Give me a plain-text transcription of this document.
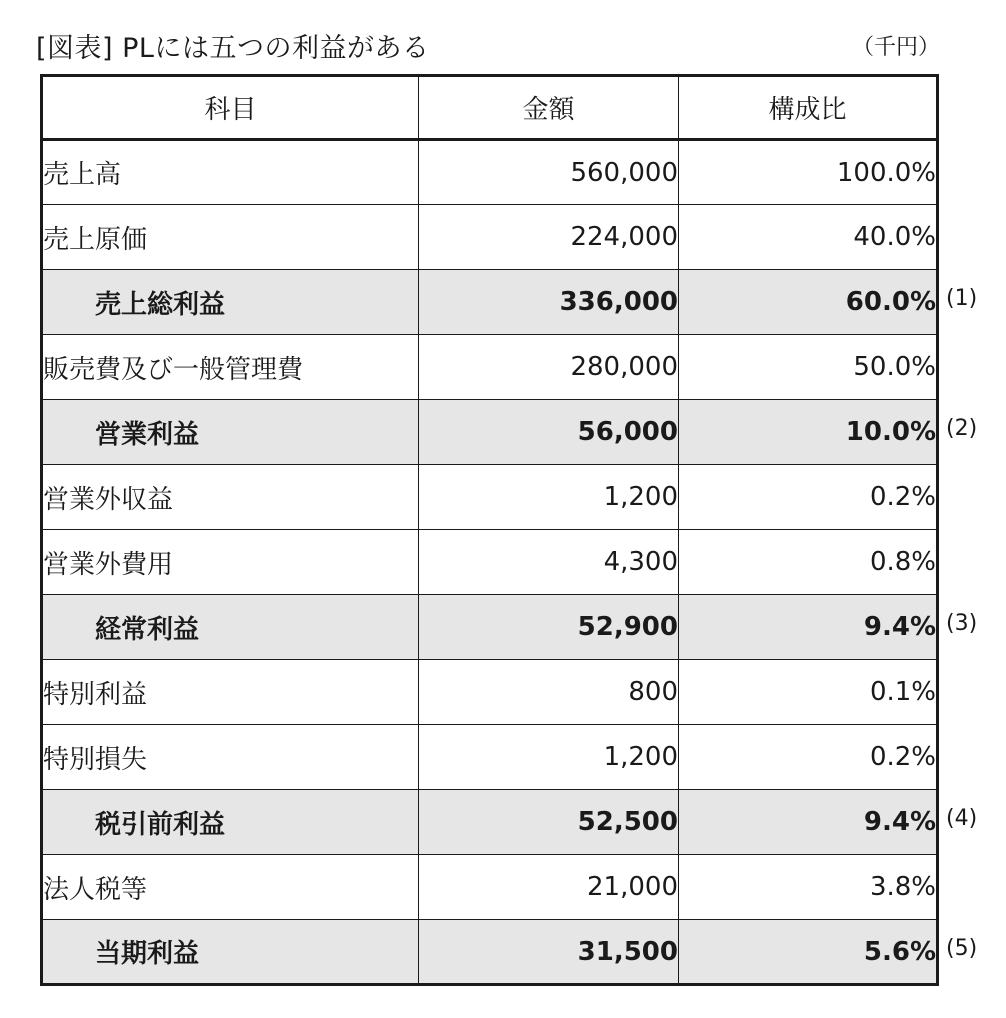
[図表] PLには五つの利益がある	（千円）
科目	金額	構成比
売上高	560,000	100.0%
売上原価	224,000	40.0%
売上総利益	336,000	60.0%
販売費及び一般管理費	280,000	50.0%
営業利益	56,000	10.0%
営業外収益	1,200	0.2%
営業外費用	4,300	0.8%
経常利益	52,900	9.4%
特別利益	800	0.1%
特別損失	1,200	0.2%
税引前利益	52,500	9.4%
法人税等	21,000	3.8%
当期利益	31,500	5.6%
(1)
(2)
(3)
(4)
(5)
